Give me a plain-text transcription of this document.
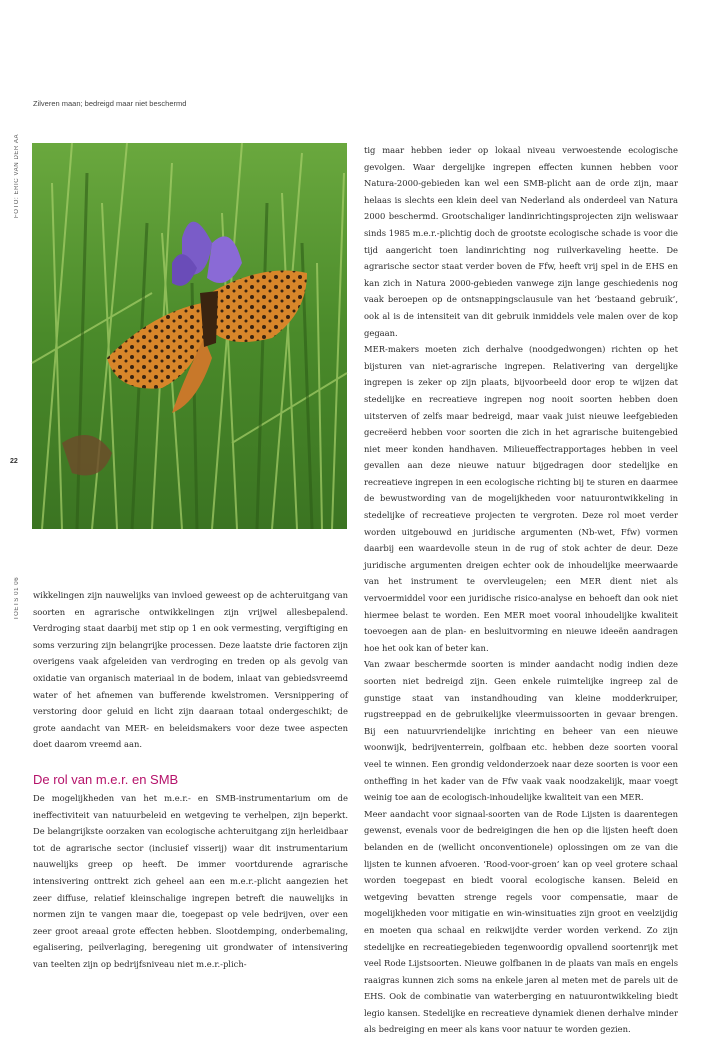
Zilveren maan; bedreigd maar niet beschermd
FOTO: ERIC VAN DER AA
22
TOETS 01 06	wikkelingen zijn nauwelijks van invloed geweest op de achteruitgang van soorten en agrarische ontwikkelingen zijn vrijwel allesbepalend. Verdroging staat daarbij met stip op 1 en ook vermesting, vergiftiging en soms verzuring zijn belangrijke processen. Deze laatste drie factoren zijn overigens vaak afgeleiden van verdroging en treden op als gevolg van oxidatie van organisch materiaal in de bodem, inlaat van gebiedsvreemd water of het afnemen van bufferende kwelstromen. Versnippering of verstoring door geluid en licht zijn daaraan totaal ondergeschikt; de grote aandacht van MER- en beleidsmakers voor deze twee aspecten doet daarom vreemd aan.

De rol van m.e.r. en SMB

De mogelijkheden van het m.e.r.- en SMB-instrumentarium om de ineffectiviteit van natuurbeleid en wetgeving te verhelpen, zijn beperkt. De belangrijkste oorzaken van ecologische achteruitgang zijn herleidbaar tot de agrarische sector (inclusief visserij) waar dit instrumentarium nauwelijks greep op heeft. De immer voortdurende agrarische intensivering onttrekt zich geheel aan een m.e.r.-plicht aangezien het zeer diffuse, relatief kleinschalige ingrepen betreft die nauwelijks in normen zijn te vangen maar die, toegepast op vele bedrijven, over een zeer groot areaal grote effecten hebben. Slootdemping, onderbemaling, egalisering, peilverlaging, beregening uit grondwater of intensivering van teelten zijn op bedrijfsniveau niet m.e.r.-plich-

tig maar hebben ieder op lokaal niveau verwoestende ecologische gevolgen. Waar dergelijke ingrepen effecten kunnen hebben voor Natura-2000-gebieden kan wel een SMB-plicht aan de orde zijn, maar helaas is slechts een klein deel van Nederland als onderdeel van Natura 2000 beschermd. Grootschaliger landinrichtingsprojecten zijn weliswaar sinds 1985 m.e.r.-plichtig doch de grootste ecologische schade is voor die tijd aangericht toen landinrichting nog ruilverkaveling heette. De agrarische sector staat verder boven de Ffw, heeft vrij spel in de EHS en kan zich in Natura 2000-gebieden vanwege zijn lange geschiedenis nog vaak beroepen op de ontsnappingsclausule van het ‘bestaand gebruik’, ook al is de intensiteit van dit gebruik inmiddels vele malen over de kop gegaan.

MER-makers moeten zich derhalve (noodgedwongen) richten op het bijsturen van niet-agrarische ingrepen. Relativering van dergelijke ingrepen is zeker op zijn plaats, bijvoorbeeld door erop te wijzen dat stedelijke en recreatieve ingrepen nog nooit soorten hebben doen uitsterven of zelfs maar bedreigd, maar vaak juist nieuwe leefgebieden gecreëerd hebben voor soorten die zich in het agrarische buitengebied niet meer konden handhaven. Milieueffectrapportages hebben in veel gevallen aan deze nieuwe natuur bijgedragen door stedelijke en recreatieve ingrepen in een ecologische richting bij te sturen en daarmee de bewustwording van de mogelijkheden voor natuurontwikkeling in stedelijke of recreatieve projecten te vergroten. Deze rol moet verder worden uitgebouwd en juridische argumenten (Nb-wet, Ffw) vormen daarbij een waardevolle steun in de rug of stok achter de deur. Deze juridische argumenten dreigen echter ook de inhoudelijke meerwaarde van het instrument te overvleugelen; een MER dient niet als vervoermiddel voor een juridische risico-analyse en behoeft dan ook niet hiermee belast te worden. Een MER moet vooral inhoudelijke kwaliteit toevoegen aan de plan- en besluitvorming en nieuwe ideeën aandragen hoe het ook kan of beter kan.

Van zwaar beschermde soorten is minder aandacht nodig indien deze soorten niet bedreigd zijn. Geen enkele ruimtelijke ingreep zal de gunstige staat van instandhouding van kleine modderkruiper, rugstreeppad en de gebruikelijke vleermuissoorten in gevaar brengen. Bij een natuurvriendelijke inrichting en beheer van een nieuwe woonwijk, bedrijventerrein, golfbaan etc. hebben deze soorten vooral veel te winnen. Een grondig veldonderzoek naar deze soorten is voor een ontheffing in het kader van de Ffw vaak vaak noodzakelijk, maar voegt weinig toe aan de ecologisch-inhoudelijke kwaliteit van een MER.

Meer aandacht voor signaal-soorten van de Rode Lijsten is daarentegen gewenst, evenals voor de bedreigingen die hen op die lijsten heeft doen belanden en de (wellicht onconventionele) oplossingen om ze van die lijsten te kunnen afvoeren. ‘Rood-voor-groen’ kan op veel grotere schaal worden toegepast en biedt vooral ecologische kansen. Beleid en wetgeving bevatten strenge regels voor compensatie, maar de mogelijkheden voor mitigatie en win-winsituaties zijn groot en veelzijdig en moeten qua schaal en reikwijdte verder worden verkend. Zo zijn stedelijke en recreatiegebieden tegenwoordig opvallend soortenrijk met veel Rode Lijstsoorten. Nieuwe golfbanen in de plaats van maïs en engels raaigras kunnen zich soms na enkele jaren al meten met de parels uit de EHS. Ook de combinatie van waterberging en natuurontwikkeling biedt legio kansen. Stedelijke en recreatieve dynamiek dienen derhalve minder als bedreiging en meer als kans voor natuur te worden gezien.
